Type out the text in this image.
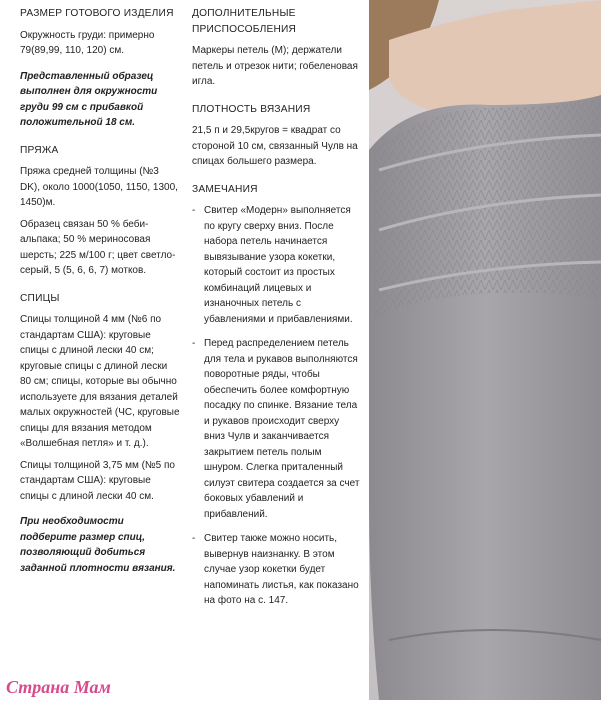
РАЗМЕР ГОТОВОГО ИЗДЕЛИЯ

Окружность груди: примерно 79(89,99, 110, 120) см.

Представленный образец выполнен для окружности груди 99 см с прибавкой положительной 18 см.

ПРЯЖА

Пряжа средней толщины (№3 DK), около 1000(1050, 1150, 1300, 1450)м.

Образец связан 50 % беби-альпака; 50 % мериносовая шерсть; 225 м/100 г; цвет светло-серый, 5 (5, 6, 6, 7) мотков.

СПИЦЫ

Спицы толщиной 4 мм (№6 по стандартам США): круговые спицы с длиной лески 40 см; круговые спицы с длиной лески 80 см; спицы, которые вы обычно используете для вязания деталей малых окружностей (ЧС, круговые спицы для вязания методом «Волшебная петля» и т. д.).

Спицы толщиной 3,75 мм (№5 по стандартам США): круговые спицы с длиной лески 40 см.

При необходимости подберите размер спиц, позволяющий добиться заданной плотности вязания.

ДОПОЛНИТЕЛЬНЫЕ ПРИСПОСОБЛЕНИЯ

Маркеры петель (М); держатели петель и отрезок нити; гобеленовая игла.

ПЛОТНОСТЬ ВЯЗАНИЯ

21,5 п и 29,5кругов = квадрат со стороной 10 см, связанный Чулв на спицах большего размера.

ЗАМЕЧАНИЯ
- Свитер «Модерн» выполняется по кругу сверху вниз. После набора петель начинается вывязывание узора кокетки, который состоит из простых комбинаций лицевых и изнаночных петель с убавлениями и прибавлениями.
- Перед распределением петель для тела и рукавов выполняются поворотные ряды, чтобы обеспечить более комфортную посадку по спинке. Вязание тела и рукавов происходит сверху вниз Чулв и заканчивается закрытием петель полым шнуром. Слегка приталенный силуэт свитера создается за счет боковых убавлений и прибавлений.
- Свитер также можно носить, вывернув наизнанку. В этом случае узор кокетки будет напоминать листья, как показано на фото на с. 147.
Страна Мам
